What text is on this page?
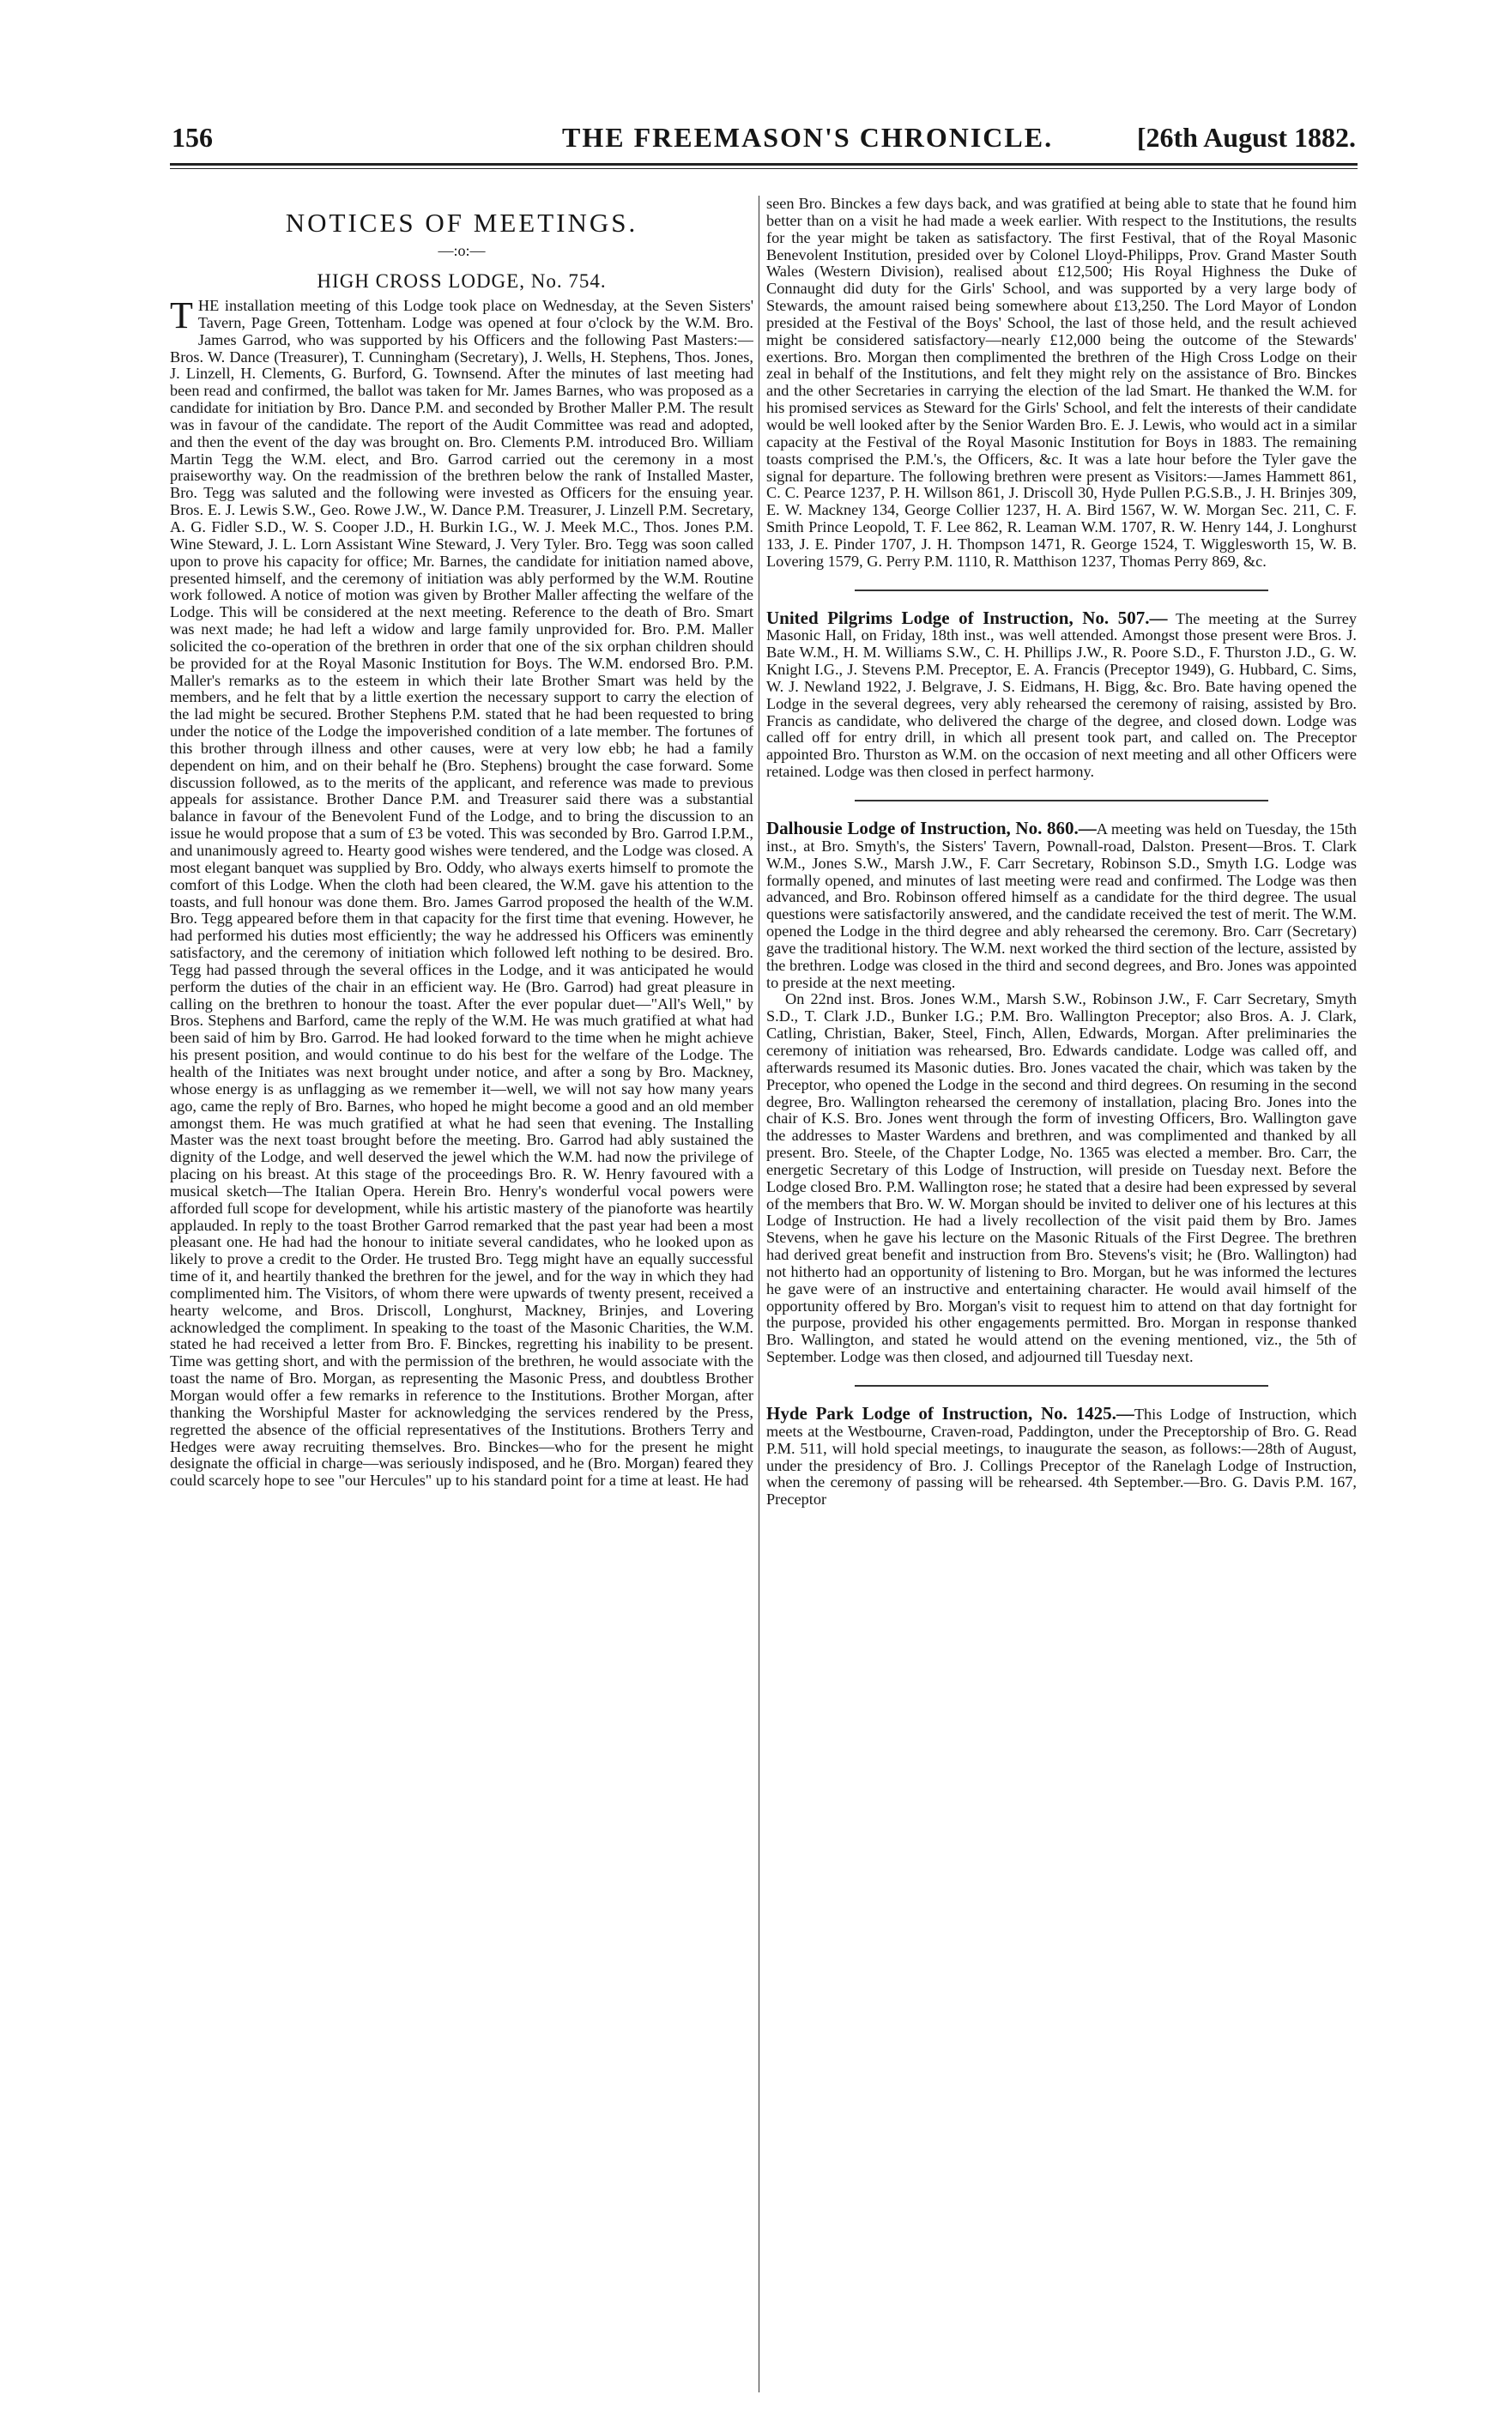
156	THE FREEMASON'S CHRONICLE.	[26th August 1882.
NOTICES OF MEETINGS.
—:o:—
HIGH CROSS LODGE, No. 754.

THE installation meeting of this Lodge took place on Wednesday, at the Seven Sisters' Tavern, Page Green, Tottenham. Lodge was opened at four o'clock by the W.M. Bro. James Garrod, who was supported by his Officers and the following Past Masters:—Bros. W. Dance (Treasurer), T. Cunningham (Secretary), J. Wells, H. Stephens, Thos. Jones, J. Linzell, H. Clements, G. Burford, G. Townsend. After the minutes of last meeting had been read and confirmed, the ballot was taken for Mr. James Barnes, who was proposed as a candidate for initiation by Bro. Dance P.M. and seconded by Brother Maller P.M. The result was in favour of the candidate. The report of the Audit Committee was read and adopted, and then the event of the day was brought on. Bro. Clements P.M. introduced Bro. William Martin Tegg the W.M. elect, and Bro. Garrod carried out the ceremony in a most praiseworthy way. On the readmission of the brethren below the rank of Installed Master, Bro. Tegg was saluted and the following were invested as Officers for the ensuing year. Bros. E. J. Lewis S.W., Geo. Rowe J.W., W. Dance P.M. Treasurer, J. Linzell P.M. Secretary, A. G. Fidler S.D., W. S. Cooper J.D., H. Burkin I.G., W. J. Meek M.C., Thos. Jones P.M. Wine Steward, J. L. Lorn Assistant Wine Steward, J. Very Tyler. Bro. Tegg was soon called upon to prove his capacity for office; Mr. Barnes, the candidate for initiation named above, presented himself, and the ceremony of initiation was ably performed by the W.M. Routine work followed. A notice of motion was given by Brother Maller affecting the welfare of the Lodge. This will be considered at the next meeting. Reference to the death of Bro. Smart was next made; he had left a widow and large family unprovided for. Bro. P.M. Maller solicited the co-operation of the brethren in order that one of the six orphan children should be provided for at the Royal Masonic Institution for Boys. The W.M. endorsed Bro. P.M. Maller's remarks as to the esteem in which their late Brother Smart was held by the members, and he felt that by a little exertion the necessary support to carry the election of the lad might be secured. Brother Stephens P.M. stated that he had been requested to bring under the notice of the Lodge the impoverished condition of a late member. The fortunes of this brother through illness and other causes, were at very low ebb; he had a family dependent on him, and on their behalf he (Bro. Stephens) brought the case forward. Some discussion followed, as to the merits of the applicant, and reference was made to previous appeals for assistance. Brother Dance P.M. and Treasurer said there was a substantial balance in favour of the Benevolent Fund of the Lodge, and to bring the discussion to an issue he would propose that a sum of £3 be voted. This was seconded by Bro. Garrod I.P.M., and unanimously agreed to. Hearty good wishes were tendered, and the Lodge was closed. A most elegant banquet was supplied by Bro. Oddy, who always exerts himself to promote the comfort of this Lodge. When the cloth had been cleared, the W.M. gave his attention to the toasts, and full honour was done them. Bro. James Garrod proposed the health of the W.M. Bro. Tegg appeared before them in that capacity for the first time that evening. However, he had performed his duties most efficiently; the way he addressed his Officers was eminently satisfactory, and the ceremony of initiation which followed left nothing to be desired. Bro. Tegg had passed through the several offices in the Lodge, and it was anticipated he would perform the duties of the chair in an efficient way. He (Bro. Garrod) had great pleasure in calling on the brethren to honour the toast. After the ever popular duet—"All's Well," by Bros. Stephens and Barford, came the reply of the W.M. He was much gratified at what had been said of him by Bro. Garrod. He had looked forward to the time when he might achieve his present position, and would continue to do his best for the welfare of the Lodge. The health of the Initiates was next brought under notice, and after a song by Bro. Mackney, whose energy is as unflagging as we remember it—well, we will not say how many years ago, came the reply of Bro. Barnes, who hoped he might become a good and an old member amongst them. He was much gratified at what he had seen that evening. The Installing Master was the next toast brought before the meeting. Bro. Garrod had ably sustained the dignity of the Lodge, and well deserved the jewel which the W.M. had now the privilege of placing on his breast. At this stage of the proceedings Bro. R. W. Henry favoured with a musical sketch—The Italian Opera. Herein Bro. Henry's wonderful vocal powers were afforded full scope for development, while his artistic mastery of the pianoforte was heartily applauded. In reply to the toast Brother Garrod remarked that the past year had been a most pleasant one. He had had the honour to initiate several candidates, who he looked upon as likely to prove a credit to the Order. He trusted Bro. Tegg might have an equally successful time of it, and heartily thanked the brethren for the jewel, and for the way in which they had complimented him. The Visitors, of whom there were upwards of twenty present, received a hearty welcome, and Bros. Driscoll, Longhurst, Mackney, Brinjes, and Lovering acknowledged the compliment. In speaking to the toast of the Masonic Charities, the W.M. stated he had received a letter from Bro. F. Binckes, regretting his inability to be present. Time was getting short, and with the permission of the brethren, he would associate with the toast the name of Bro. Morgan, as representing the Masonic Press, and doubtless Brother Morgan would offer a few remarks in reference to the Institutions. Brother Morgan, after thanking the Worshipful Master for acknowledging the services rendered by the Press, regretted the absence of the official representatives of the Institutions. Brothers Terry and Hedges were away recruiting themselves. Bro. Binckes—who for the present he might designate the official in charge—was seriously indisposed, and he (Bro. Morgan) feared they could scarcely hope to see "our Hercules" up to his standard point for a time at least. He had

seen Bro. Binckes a few days back, and was gratified at being able to state that he found him better than on a visit he had made a week earlier. With respect to the Institutions, the results for the year might be taken as satisfactory. The first Festival, that of the Royal Masonic Benevolent Institution, presided over by Colonel Lloyd-Philipps, Prov. Grand Master South Wales (Western Division), realised about £12,500; His Royal Highness the Duke of Connaught did duty for the Girls' School, and was supported by a very large body of Stewards, the amount raised being somewhere about £13,250. The Lord Mayor of London presided at the Festival of the Boys' School, the last of those held, and the result achieved might be considered satisfactory—nearly £12,000 being the outcome of the Stewards' exertions. Bro. Morgan then complimented the brethren of the High Cross Lodge on their zeal in behalf of the Institutions, and felt they might rely on the assistance of Bro. Binckes and the other Secretaries in carrying the election of the lad Smart. He thanked the W.M. for his promised services as Steward for the Girls' School, and felt the interests of their candidate would be well looked after by the Senior Warden Bro. E. J. Lewis, who would act in a similar capacity at the Festival of the Royal Masonic Institution for Boys in 1883. The remaining toasts comprised the P.M.'s, the Officers, &c. It was a late hour before the Tyler gave the signal for departure. The following brethren were present as Visitors:—James Hammett 861, C. C. Pearce 1237, P. H. Willson 861, J. Driscoll 30, Hyde Pullen P.G.S.B., J. H. Brinjes 309, E. W. Mackney 134, George Collier 1237, H. A. Bird 1567, W. W. Morgan Sec. 211, C. F. Smith Prince Leopold, T. F. Lee 862, R. Leaman W.M. 1707, R. W. Henry 144, J. Longhurst 133, J. E. Pinder 1707, J. H. Thompson 1471, R. George 1524, T. Wigglesworth 15, W. B. Lovering 1579, G. Perry P.M. 1110, R. Matthison 1237, Thomas Perry 869, &c.

United Pilgrims Lodge of Instruction, No. 507.— The meeting at the Surrey Masonic Hall, on Friday, 18th inst., was well attended. Amongst those present were Bros. J. Bate W.M., H. M. Williams S.W., C. H. Phillips J.W., R. Poore S.D., F. Thurston J.D., G. W. Knight I.G., J. Stevens P.M. Preceptor, E. A. Francis (Preceptor 1949), G. Hubbard, C. Sims, W. J. Newland 1922, J. Belgrave, J. S. Eidmans, H. Bigg, &c. Bro. Bate having opened the Lodge in the several degrees, very ably rehearsed the ceremony of raising, assisted by Bro. Francis as candidate, who delivered the charge of the degree, and closed down. Lodge was called off for entry drill, in which all present took part, and called on. The Preceptor appointed Bro. Thurston as W.M. on the occasion of next meeting and all other Officers were retained. Lodge was then closed in perfect harmony.

Dalhousie Lodge of Instruction, No. 860.—A meeting was held on Tuesday, the 15th inst., at Bro. Smyth's, the Sisters' Tavern, Pownall-road, Dalston. Present—Bros. T. Clark W.M., Jones S.W., Marsh J.W., F. Carr Secretary, Robinson S.D., Smyth I.G. Lodge was formally opened, and minutes of last meeting were read and confirmed. The Lodge was then advanced, and Bro. Robinson offered himself as a candidate for the third degree. The usual questions were satisfactorily answered, and the candidate received the test of merit. The W.M. opened the Lodge in the third degree and ably rehearsed the ceremony. Bro. Carr (Secretary) gave the traditional history. The W.M. next worked the third section of the lecture, assisted by the brethren. Lodge was closed in the third and second degrees, and Bro. Jones was appointed to preside at the next meeting.

On 22nd inst. Bros. Jones W.M., Marsh S.W., Robinson J.W., F. Carr Secretary, Smyth S.D., T. Clark J.D., Bunker I.G.; P.M. Bro. Wallington Preceptor; also Bros. A. J. Clark, Catling, Christian, Baker, Steel, Finch, Allen, Edwards, Morgan. After preliminaries the ceremony of initiation was rehearsed, Bro. Edwards candidate. Lodge was called off, and afterwards resumed its Masonic duties. Bro. Jones vacated the chair, which was taken by the Preceptor, who opened the Lodge in the second and third degrees. On resuming in the second degree, Bro. Wallington rehearsed the ceremony of installation, placing Bro. Jones into the chair of K.S. Bro. Jones went through the form of investing Officers, Bro. Wallington gave the addresses to Master Wardens and brethren, and was complimented and thanked by all present. Bro. Steele, of the Chapter Lodge, No. 1365 was elected a member. Bro. Carr, the energetic Secretary of this Lodge of Instruction, will preside on Tuesday next. Before the Lodge closed Bro. P.M. Wallington rose; he stated that a desire had been expressed by several of the members that Bro. W. W. Morgan should be invited to deliver one of his lectures at this Lodge of Instruction. He had a lively recollection of the visit paid them by Bro. James Stevens, when he gave his lecture on the Masonic Rituals of the First Degree. The brethren had derived great benefit and instruction from Bro. Stevens's visit; he (Bro. Wallington) had not hitherto had an opportunity of listening to Bro. Morgan, but he was informed the lectures he gave were of an instructive and entertaining character. He would avail himself of the opportunity offered by Bro. Morgan's visit to request him to attend on that day fortnight for the purpose, provided his other engagements permitted. Bro. Morgan in response thanked Bro. Wallington, and stated he would attend on the evening mentioned, viz., the 5th of September. Lodge was then closed, and adjourned till Tuesday next.

Hyde Park Lodge of Instruction, No. 1425.—This Lodge of Instruction, which meets at the Westbourne, Craven-road, Paddington, under the Preceptorship of Bro. G. Read P.M. 511, will hold special meetings, to inaugurate the season, as follows:—28th of August, under the presidency of Bro. J. Collings Preceptor of the Ranelagh Lodge of Instruction, when the ceremony of passing will be rehearsed. 4th September.—Bro. G. Davis P.M. 167, Preceptor
